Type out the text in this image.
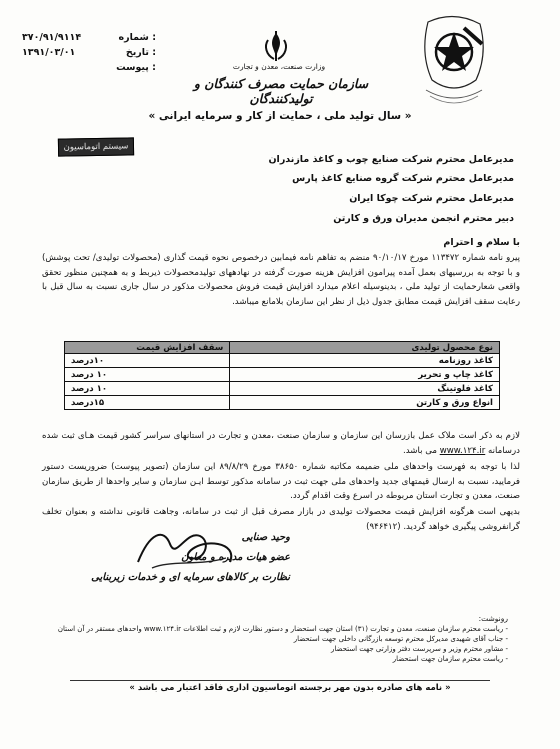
۳۷۰/۹۱/۹۱۱۴	: شماره
۱۳۹۱/۰۳/۰۱	: تاریخ
: پیوست	وزارت صنعت، معدن و تجارت
سازمان حمایت مصرف کنندگان و تولیدکنندگان
« سال تولید ملی ، حمایت از کار و سرمایه ایرانی »
سیستم اتوماسیون
مدیرعامل محترم شرکت صنایع چوب و کاغذ مازندران
مدیرعامل محترم شرکت گروه صنایع کاغذ پارس
مدیرعامل محترم شرکت چوکا ایران
دبیر محترم انجمن مدیران ورق و کارتن
با سلام و احترام
پیرو نامه شماره ۱۱۳۴۷۲ مورخ ۹۰/۱۰/۱۷ منضم به تفاهم نامه فیمابین درخصوص نحوه قیمت گذاری (محصولات تولیدی/ تحت پوشش) و با توجه به بررسیهای بعمل آمده پیرامون افزایش هزینه صورت گرفته در نهادههای تولیدمحصولات ذیربط و به همچنین منظور تحقق واقعی شعارحمایت از تولید ملی ، بدینوسیله اعلام میدارد افزایش قیمت فروش محصولات مذکور در سال جاری نسبت به سال قبل با رعایت سقف افزایش قیمت مطابق جدول ذیل از نظر این سازمان بلامانع میباشد.
نوع محصول تولیدی	سقف افزایش قیمت
کاغذ روزنامه	۱۰درصد
کاغذ چاپ و تحریر	۱۰ درصد
کاغذ فلوتینگ	۱۰ درصد
انواع ورق و کارتن	۱۵درصد
لازم به ذکر است ملاک عمل بازرسان این سازمان و سازمان صنعت ،معدن و تجارت در استانهای سراسر کشور قیمت هـای ثبت شده درسامانه www.۱۲۴.ir می باشد.
لذا با توجه به فهرست واحدهای ملی ضمیمه مکاتبه شماره ۳۸۶۵۰ مورخ ۸۹/۸/۲۹ این سازمان (تصویر پیوست) ضروریست دستور فرمایید، نسبت به ارسال قیمتهای جدید واحدهای ملی جهت ثبت در سامانه مذکور توسط ایـن سازمان و سایر واحدها از طریق سازمان صنعت، معدن و تجارت استان مربوطه در اسرع وقت اقدام گردد.
بدیهی است هرگونه افزایش قیمت محصولات تولیدی در بازار مصرف قبل از ثبت در سامانه، وجاهت قانونی نداشته و بعنوان تخلف گرانفروشی پیگیری خواهد گردید. (۹۴۶۴۱۲)
وحید صنایی
عضو هیات مدیره و معاون
نظارت بر کالاهای سرمایه ای و خدمات زیربنایی
رونوشت:
- ریاست محترم سازمان صنعت، معدن و تجارت (۳۱) استان جهت استحضار و دستور نظارت لازم و ثبت اطلاعات www.۱۲۴.ir واحدهای مستقر در آن استان
- جناب آقای شهیدی مدیرکل محترم توسعه بازرگانی داخلی جهت استحضار
- مشاور محترم وزیر و سرپرست دفتر وزارتی جهت استحضار
- ریاست محترم سازمان جهت استحضار
« نامه های صادره بدون مهر برجسته اتوماسیون اداری فاقد اعتبار می باشد »
